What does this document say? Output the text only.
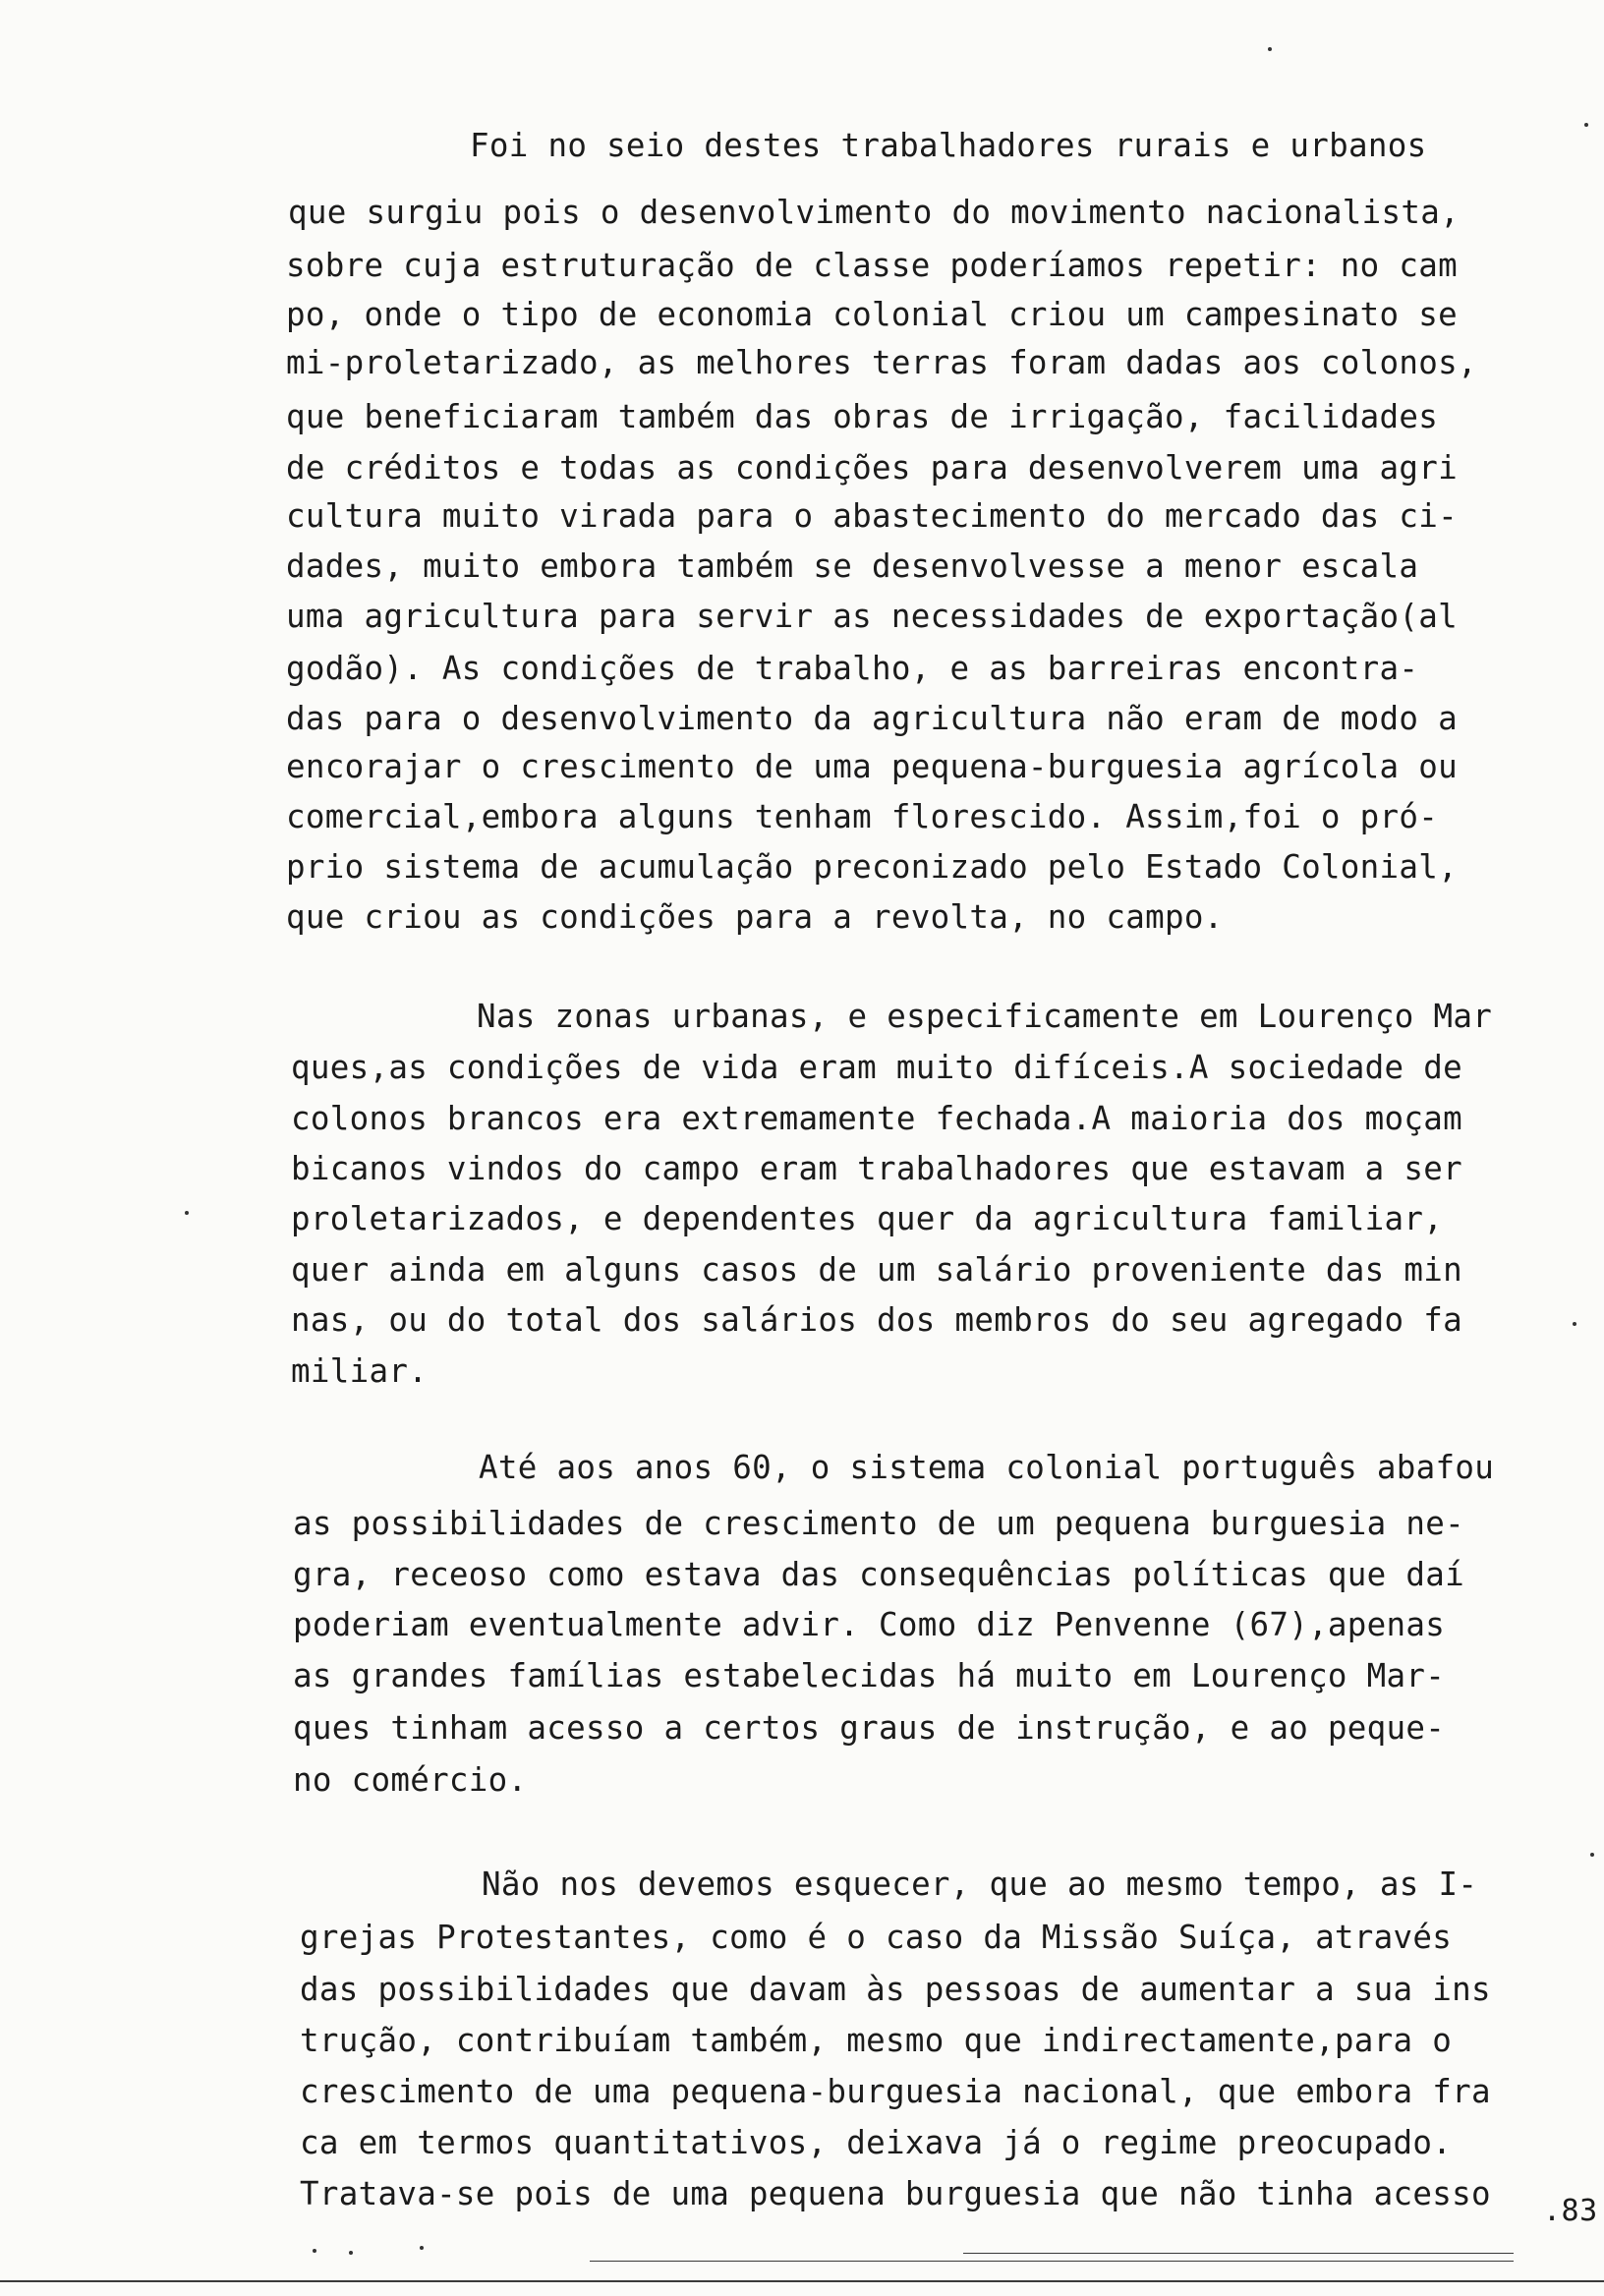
Foi no seio destes trabalhadores rurais e urbanos
que surgiu pois o desenvolvimento do movimento nacionalista,
sobre cuja estruturação de classe poderíamos repetir: no cam
po, onde o tipo de economia colonial criou um campesinato se
mi-proletarizado, as melhores terras foram dadas aos colonos,
que beneficiaram também das obras de irrigação, facilidades
de créditos e todas as condições para desenvolverem uma agri
cultura muito virada para o abastecimento do mercado das ci-
dades, muito embora também se desenvolvesse a menor escala
uma agricultura para servir as necessidades de exportação(al
godão). As condições de trabalho, e as barreiras encontra-
das para o desenvolvimento da agricultura não eram de modo a
encorajar o crescimento de uma pequena-burguesia agrícola ou
comercial,embora alguns tenham florescido. Assim,foi o pró-
prio sistema de acumulação preconizado pelo Estado Colonial,
que criou as condições para a revolta, no campo.
Nas zonas urbanas, e especificamente em Lourenço Mar
ques,as condições de vida eram muito difíceis.A sociedade de
colonos brancos era extremamente fechada.A maioria dos moçam
bicanos vindos do campo eram trabalhadores que estavam a ser
proletarizados, e dependentes quer da agricultura familiar,
quer ainda em alguns casos de um salário proveniente das min
nas, ou do total dos salários dos membros do seu agregado fa
miliar.
Até aos anos 60, o sistema colonial português abafou
as possibilidades de crescimento de um pequena burguesia ne-
gra, receoso como estava das consequências políticas que daí
poderiam eventualmente advir. Como diz Penvenne (67),apenas
as grandes famílias estabelecidas há muito em Lourenço Mar-
ques tinham acesso a certos graus de instrução, e ao peque-
no comércio.
Não nos devemos esquecer, que ao mesmo tempo, as I-
grejas Protestantes, como é o caso da Missão Suíça, através
das possibilidades que davam às pessoas de aumentar a sua ins
trução, contribuíam também, mesmo que indirectamente,para o
crescimento de uma pequena-burguesia nacional, que embora fra
ca em termos quantitativos, deixava já o regime preocupado.
Tratava-se pois de uma pequena burguesia que não tinha acesso .83
